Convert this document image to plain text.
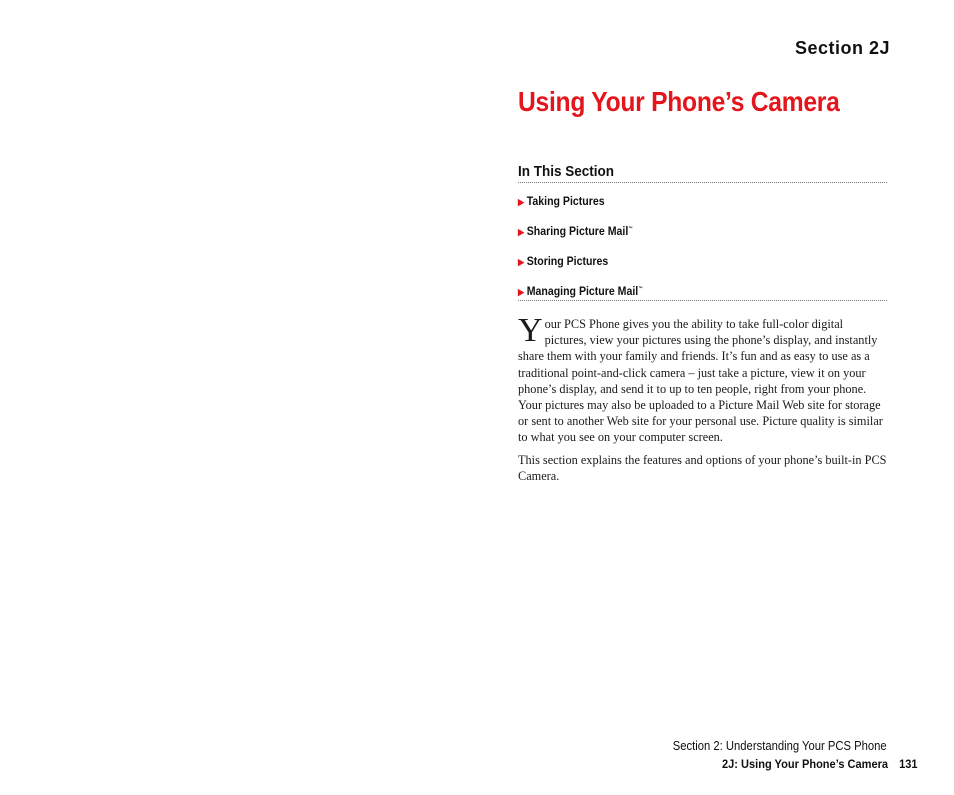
Section 2J
Using Your Phone’s Camera
In This Section
▶ Taking Pictures
▶ Sharing Picture Mail™
▶ Storing Pictures
▶ Managing Picture Mail™

Your PCS Phone gives you the ability to take full-color digital pictures, view your pictures using the phone’s display, and instantly share them with your family and friends. It’s fun and as easy to use as a traditional point-and-click camera – just take a picture, view it on your phone’s display, and send it to up to ten people, right from your phone. Your pictures may also be uploaded to a Picture Mail Web site for storage or sent to another Web site for your personal use. Picture quality is similar to what you see on your computer screen.

This section explains the features and options of your phone’s built-in PCS Camera.

Section 2: Understanding Your PCS Phone
2J: Using Your Phone’s Camera 131
